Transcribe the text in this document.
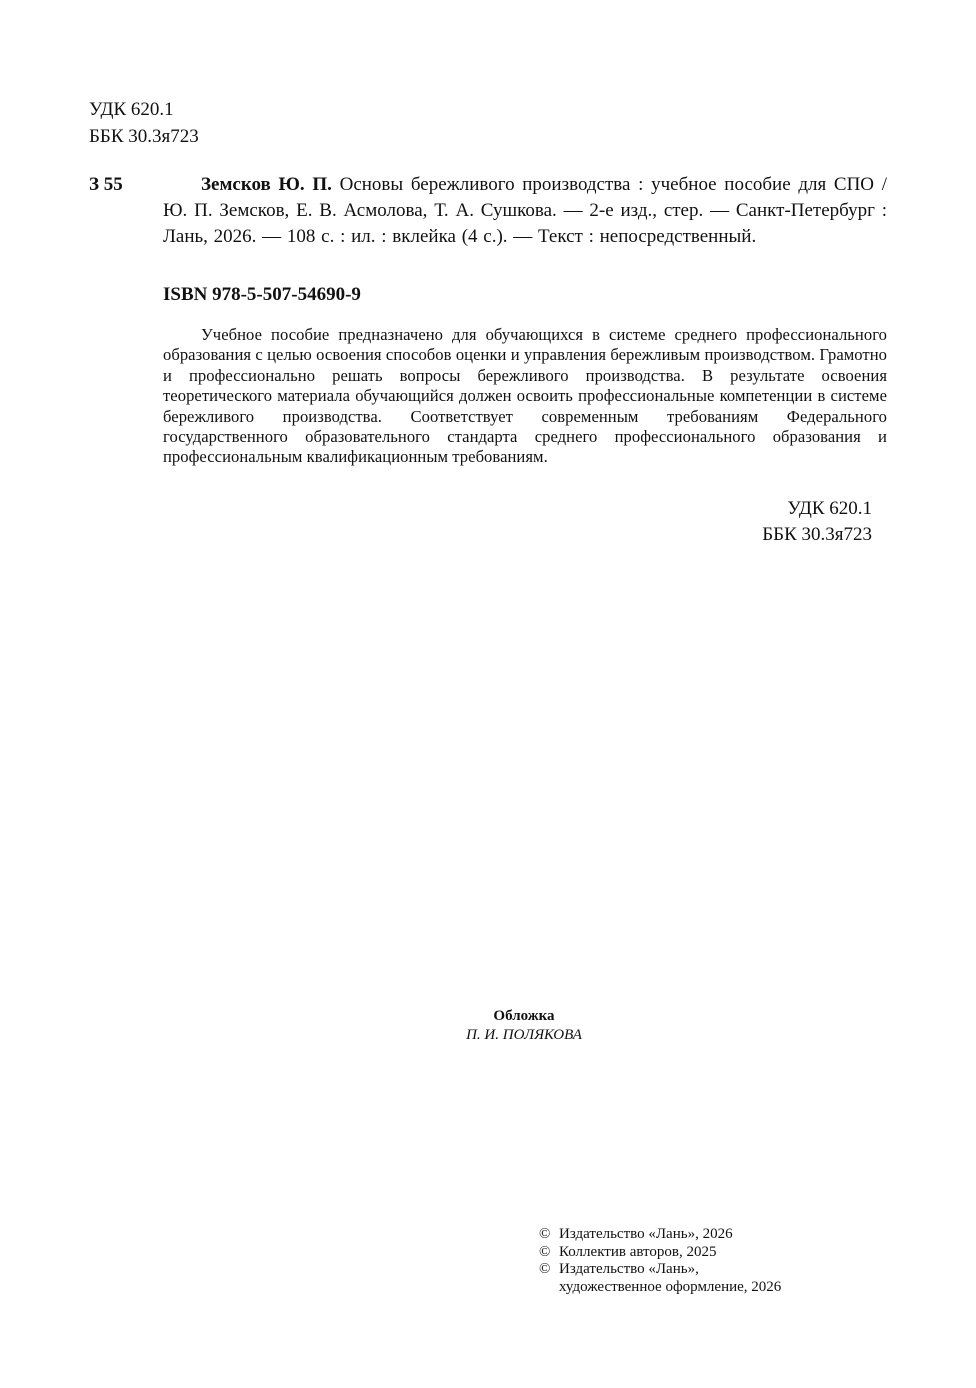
УДК 620.1
ББК 30.3я723
З 55	Земсков Ю. П. Основы бережливого производства : учебное пособие для СПО / Ю. П. Земсков, Е. В. Асмолова, Т. А. Сушкова. — 2-е изд., стер. — Санкт-Петербург : Лань, 2026. — 108 с. : ил. : вклейка (4 с.). — Текст : непосредственный.
ISBN 978-5-507-54690-9
Учебное пособие предназначено для обучающихся в системе среднего профессионального образования с целью освоения способов оценки и управления бережливым производством. Грамотно и профессионально решать вопросы бережливого производства. В результате освоения теоретического материала обучающийся должен освоить профессиональные компетенции в системе бережливого производства. Соответствует современным требованиям Федерального государственного образовательного стандарта среднего профессионального образования и профессиональным квалификационным требованиям.
УДК 620.1
ББК 30.3я723
Обложка
П. И. ПОЛЯКОВА
© Издательство «Лань», 2026
© Коллектив авторов, 2025
© Издательство «Лань»,
художественное оформление, 2026
